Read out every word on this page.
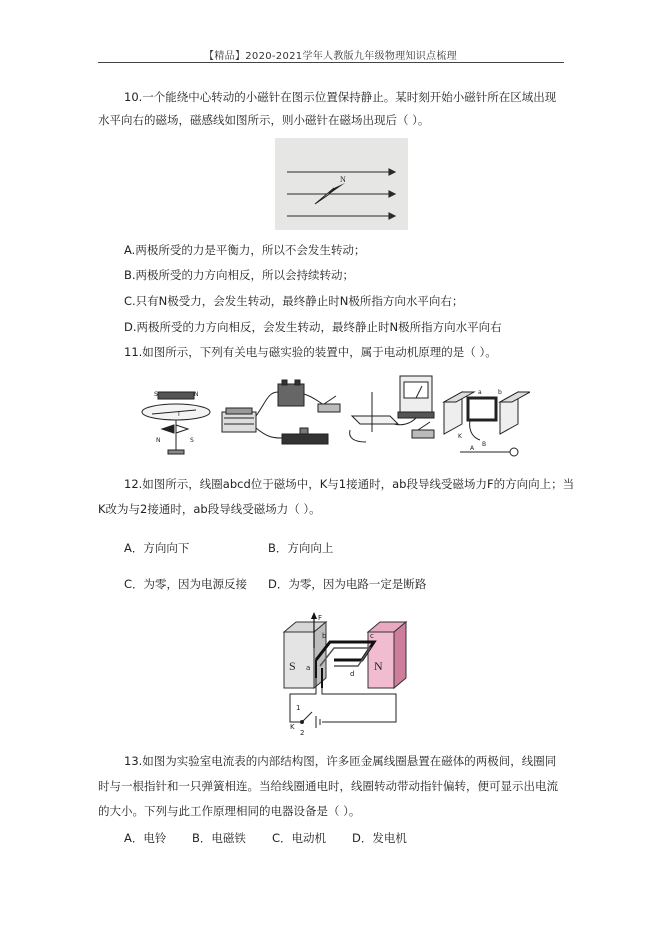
【精品】2020-2021学年人教版九年级物理知识点梳理
10.一个能绕中心转动的小磁针在图示位置保持静止。某时刻开始小磁针所在区域出现
水平向右的磁场，磁感线如图所示，则小磁针在磁场出现后（ ）。
N
A.两极所受的力是平衡力，所以不会发生转动；
B.两极所受的力方向相反，所以会持续转动；
C.只有N极受力，会发生转动，最终静止时N极所指方向水平向右；
D.两极所受的力方向相反，会发生转动，最终静止时N极所指方向水平向右
11.如图所示，下列有关电与磁实验的装置中，属于电动机原理的是（ ）。
S	N
I
N	S
a	b
B
K
A
12.如图所示，线圈abcd位于磁场中，K与1接通时，ab段导线受磁场力F的方向向上；当
K改为与2接通时，ab段导线受磁场力（ ）。
A．方向向下	B．方向向上
C．为零，因为电源反接 D．为零，因为电路一定是断路
S	N
F
b	c
a
d
1
K
2
13.如图为实验室电流表的内部结构图，许多匝金属线圈悬置在磁体的两极间，线圈同
时与一根指针和一只弹簧相连。当给线圈通电时，线圈转动带动指针偏转，便可显示出电流
的大小。下列与此工作原理相同的电器设备是（ ）。
A．电铃 B．电磁铁 C．电动机 D．发电机
